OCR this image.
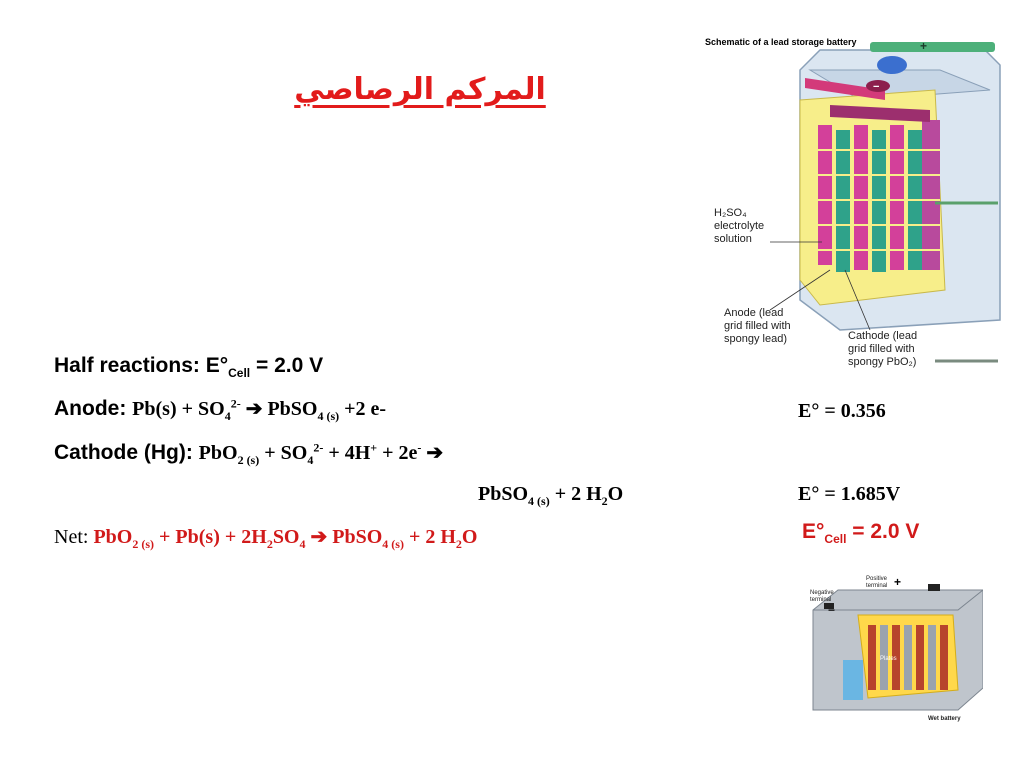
المركم الرصاصي
Half reactions: $E^\circ_{Cell} = 2.0$ V
Anode: $Pb(s) + SO_4^{2-}$ ➔ PbSO$_{4 (s)}$ +2 e-	E° = 0.356
Cathode (Hg): PbO$_2$ $_{(s)} + SO_4^{2-} + 4H^+ + 2e^-$ ➔
PbSO$_{4 (s)}$ + 2 $H_2O$	E° = 1.685V
Net: PbO$_2$ $_{(s)} + Pb(s) + 2H_2SO_4$ ➔ PbSO$_{4 (s)}$ + 2 $H_2O$	$E^\circ_{Cell} = 2.0$ V
Schematic of a lead storage battery	+
−
H₂SO₄
electrolyte
solution
Anode (lead
grid filled with
spongy lead)	Cathode (lead
grid filled with
spongy PbO₂)
Positive
terminal
Negative
terminal
Plates
Wet battery
+
−
